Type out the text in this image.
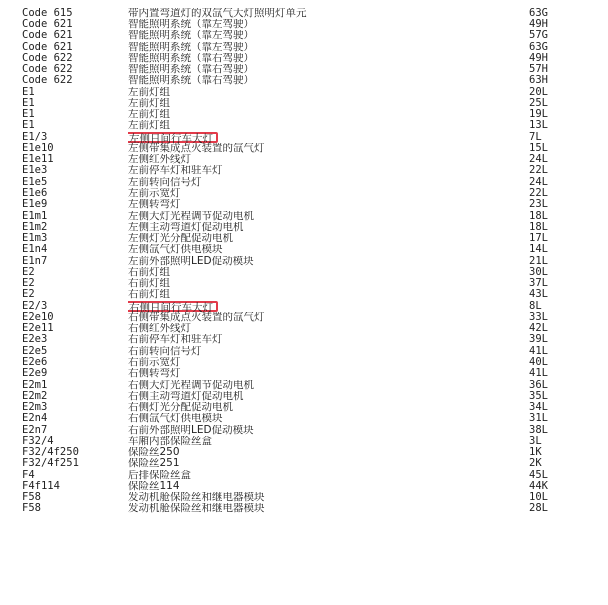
Code 615	带内置弯道灯的双氙气大灯照明灯单元	63G
Code 621	智能照明系统（靠左驾驶）	49H
Code 621	智能照明系统（靠左驾驶）	57G
Code 621	智能照明系统（靠左驾驶）	63G
Code 622	智能照明系统（靠右驾驶）	49H
Code 622	智能照明系统（靠右驾驶）	57H
Code 622	智能照明系统（靠右驾驶）	63H
E1	左前灯组	20L
E1	左前灯组	25L
E1	左前灯组	19L
E1	左前灯组	13L
E1/3	左侧日间行车大灯	7L
E1e10	左侧带集成点火装置的氙气灯	15L
E1e11	左侧红外线灯	24L
E1e3	左前停车灯和驻车灯	22L
E1e5	左前转向信号灯	24L
E1e6	左前示宽灯	22L
E1e9	左侧转弯灯	23L
E1m1	左侧大灯光程调节促动电机	18L
E1m2	左侧主动弯道灯促动电机	18L
E1m3	左侧灯光分配促动电机	17L
E1n4	左侧氙气灯供电模块	14L
E1n7	左前外部照明LED促动模块	21L
E2	右前灯组	30L
E2	右前灯组	37L
E2	右前灯组	43L
E2/3	右侧日间行车大灯	8L
E2e10	右侧带集成点火装置的氙气灯	33L
E2e11	右侧红外线灯	42L
E2e3	右前停车灯和驻车灯	39L
E2e5	右前转向信号灯	41L
E2e6	右前示宽灯	40L
E2e9	右侧转弯灯	41L
E2m1	右侧大灯光程调节促动电机	36L
E2m2	右侧主动弯道灯促动电机	35L
E2m3	右侧灯光分配促动电机	34L
E2n4	右侧氙气灯供电模块	31L
E2n7	右前外部照明LED促动模块	38L
F32/4	车厢内部保险丝盒	3L
F32/4f250	保险丝250	1K
F32/4f251	保险丝251	2K
F4	后排保险丝盒	45L
F4f114	保险丝114	44K
F58	发动机舱保险丝和继电器模块	10L
F58	发动机舱保险丝和继电器模块	28L
